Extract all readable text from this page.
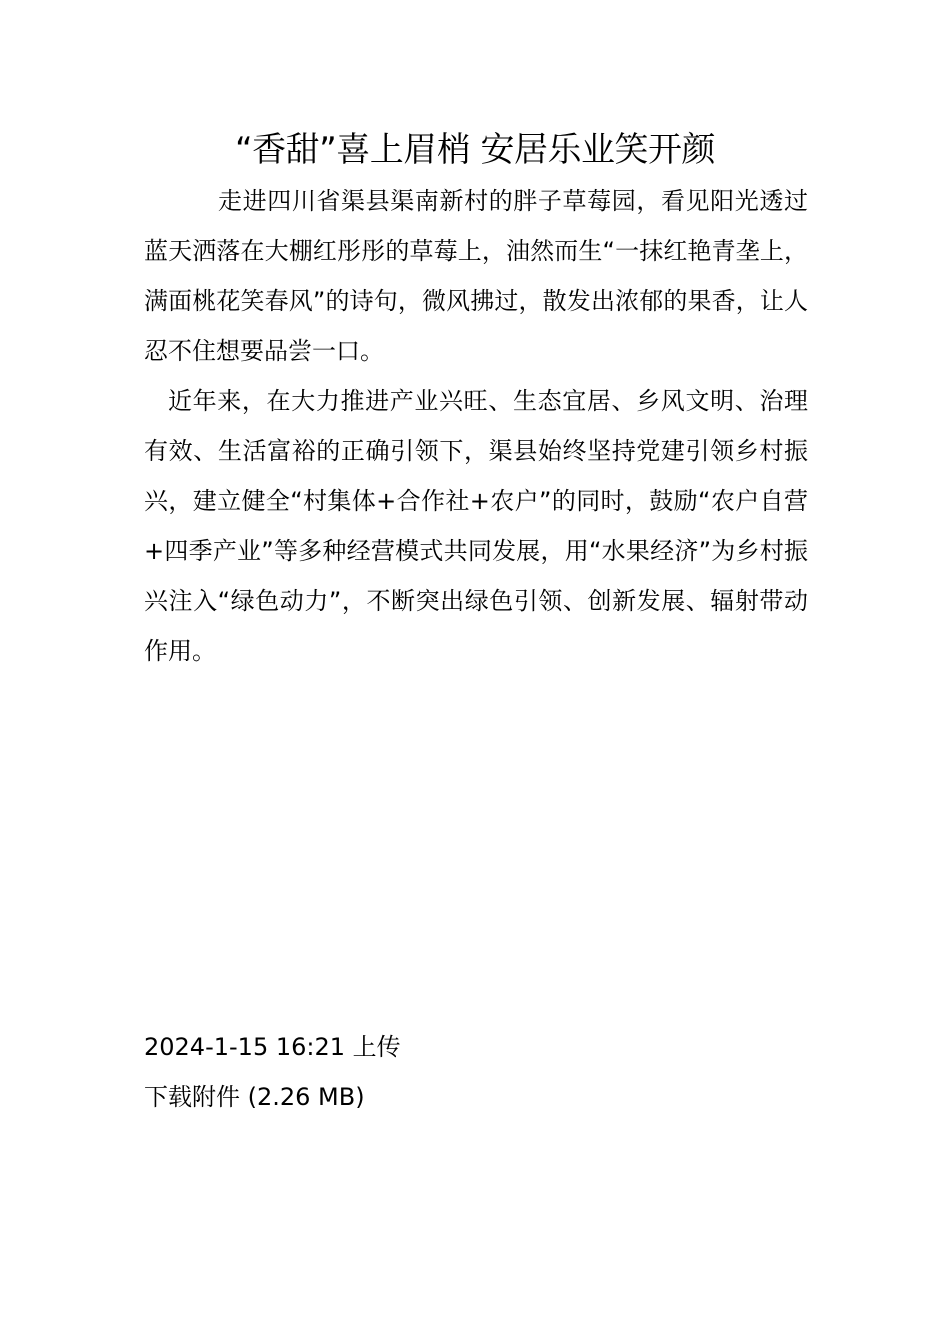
“香甜”喜上眉梢 安居乐业笑开颜

走进四川省渠县渠南新村的胖子草莓园，看见阳光透过蓝天洒落在大棚红彤彤的草莓上，油然而生“一抹红艳青垄上，满面桃花笑春风”的诗句，微风拂过，散发出浓郁的果香，让人忍不住想要品尝一口。

近年来，在大力推进产业兴旺、生态宜居、乡风文明、治理有效、生活富裕的正确引领下，渠县始终坚持党建引领乡村振兴，建立健全“村集体+合作社+农户”的同时，鼓励“农户自营+四季产业”等多种经营模式共同发展，用“水果经济”为乡村振兴注入“绿色动力”，不断突出绿色引领、创新发展、辐射带动作用。

2024-1-15 16:21 上传
下载附件 (2.26 MB)
